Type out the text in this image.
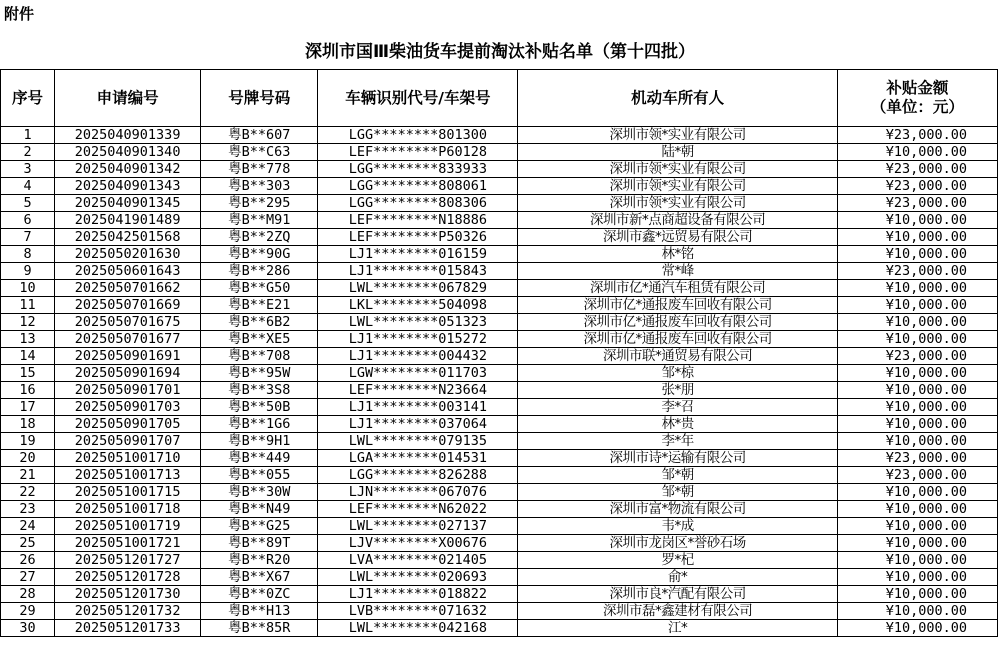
附件
深圳市国Ⅲ柴油货车提前淘汰补贴名单（第十四批）
序号	申请编号	号牌号码	车辆识别代号/车架号	机动车所有人	补贴金额
（单位：元）
1	2025040901339	粤B**607	LGG********801300	深圳市领*实业有限公司	¥23,000.00
2	2025040901340	粤B**C63	LEF********P60128	陆*朝	¥10,000.00
3	2025040901342	粤B**778	LGG********833933	深圳市领*实业有限公司	¥23,000.00
4	2025040901343	粤B**303	LGG********808061	深圳市领*实业有限公司	¥23,000.00
5	2025040901345	粤B**295	LGG********808306	深圳市领*实业有限公司	¥23,000.00
6	2025041901489	粤B**M91	LEF********N18886	深圳市新*点商超设备有限公司	¥10,000.00
7	2025042501568	粤B**2ZQ	LEF********P50326	深圳市鑫*远贸易有限公司	¥10,000.00
8	2025050201630	粤B**90G	LJ1********016159	林*铭	¥10,000.00
9	2025050601643	粤B**286	LJ1********015843	常*峰	¥23,000.00
10	2025050701662	粤B**G50	LWL********067829	深圳市亿*通汽车租赁有限公司	¥10,000.00
11	2025050701669	粤B**E21	LKL********504098	深圳市亿*通报废车回收有限公司	¥10,000.00
12	2025050701675	粤B**6B2	LWL********051323	深圳市亿*通报废车回收有限公司	¥10,000.00
13	2025050701677	粤B**XE5	LJ1********015272	深圳市亿*通报废车回收有限公司	¥10,000.00
14	2025050901691	粤B**708	LJ1********004432	深圳市联*通贸易有限公司	¥23,000.00
15	2025050901694	粤B**95W	LGW********011703	邹*椋	¥10,000.00
16	2025050901701	粤B**3S8	LEF********N23664	张*朋	¥10,000.00
17	2025050901703	粤B**50B	LJ1********003141	李*召	¥10,000.00
18	2025050901705	粤B**1G6	LJ1********037064	林*贵	¥10,000.00
19	2025050901707	粤B**9H1	LWL********079135	李*年	¥10,000.00
20	2025051001710	粤B**449	LGA********014531	深圳市诗*运输有限公司	¥23,000.00
21	2025051001713	粤B**055	LGG********826288	邹*朝	¥23,000.00
22	2025051001715	粤B**30W	LJN********067076	邹*朝	¥10,000.00
23	2025051001718	粤B**N49	LEF********N62022	深圳市富*物流有限公司	¥10,000.00
24	2025051001719	粤B**G25	LWL********027137	韦*成	¥10,000.00
25	2025051001721	粤B**89T	LJV********X00676	深圳市龙岗区*誉砂石场	¥10,000.00
26	2025051201727	粤B**R20	LVA********021405	罗*杞	¥10,000.00
27	2025051201728	粤B**X67	LWL********020693	俞*	¥10,000.00
28	2025051201730	粤B**0ZC	LJ1********018822	深圳市良*汽配有限公司	¥10,000.00
29	2025051201732	粤B**H13	LVB********071632	深圳市磊*鑫建材有限公司	¥10,000.00
30	2025051201733	粤B**85R	LWL********042168	江*	¥10,000.00
